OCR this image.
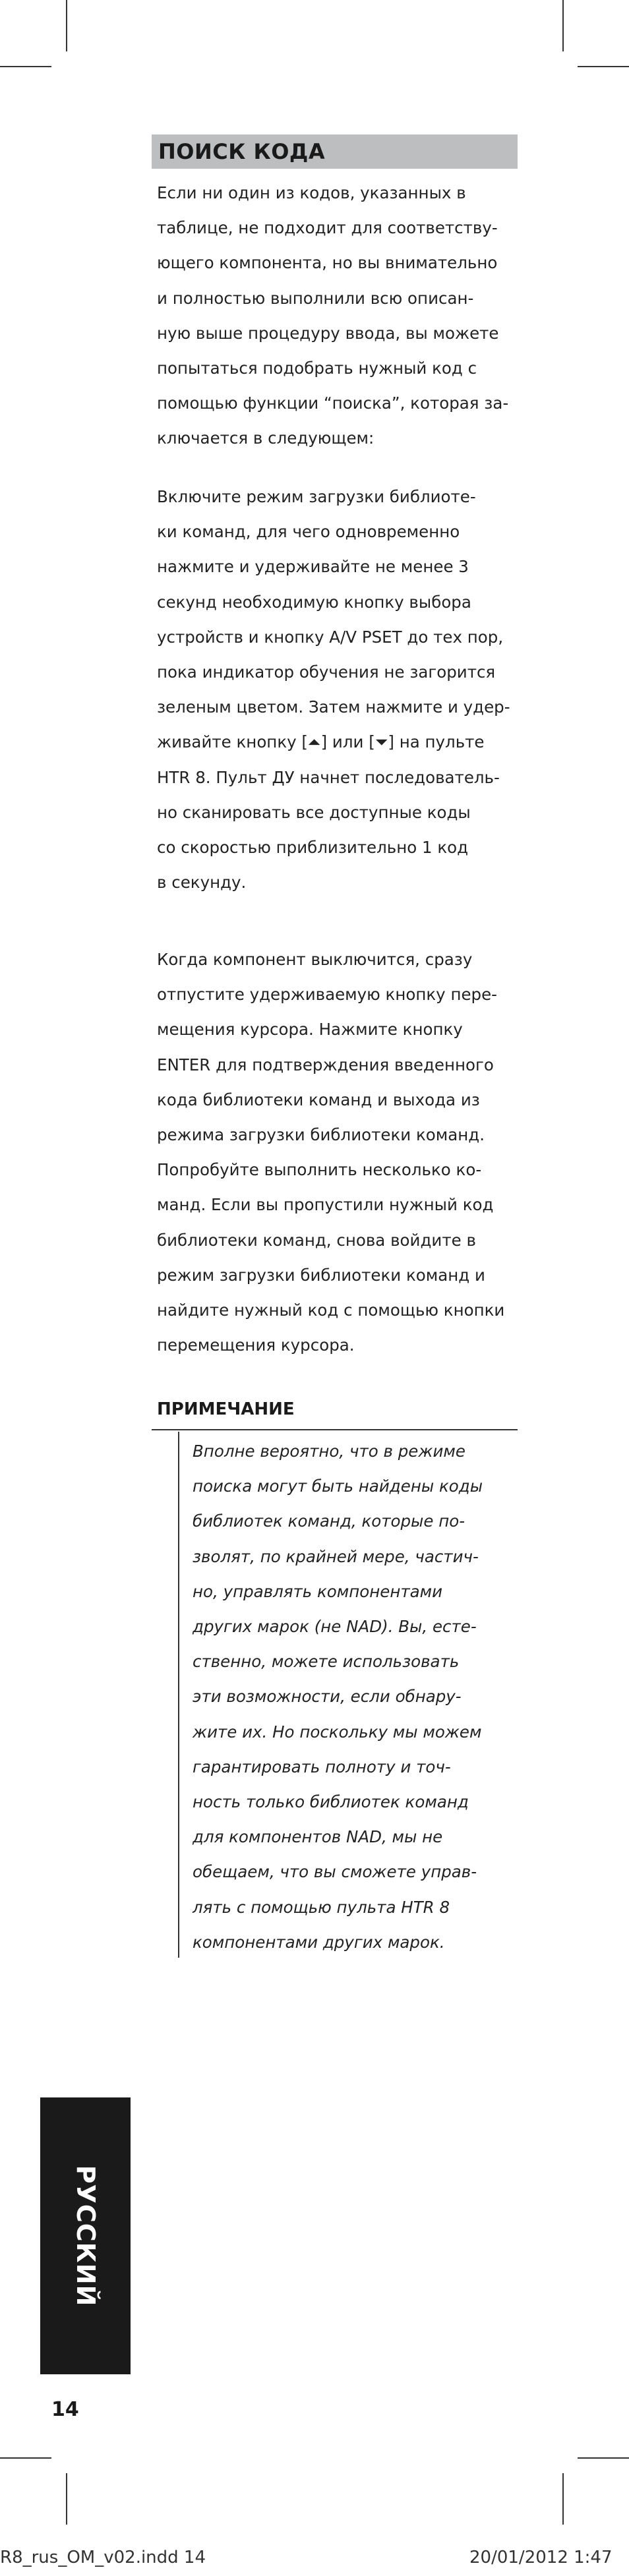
ПОИСК КОДА

Если ни один из кодов, указанных в
таблице, не подходит для соответству-
ющего компонента, но вы внимательно
и полностью выполнили всю описан-
ную выше процедуру ввода, вы можете
попытаться подобрать нужный код с
помощью функции “поиска”, которая за-
ключается в следующем:

Включите режим загрузки библиоте-
ки команд, для чего одновременно
нажмите и удерживайте не менее 3
секунд необходимую кнопку выбора
устройств и кнопку A/V PSET до тех пор,
пока индикатор обучения не загорится
зеленым цветом. Затем нажмите и удер-
живайте кнопку [⏶] или [⏷] на пульте
HTR 8. Пульт ДУ начнет последователь-
но сканировать все доступные коды
со скоростью приблизительно 1 код
в секунду.

Когда компонент выключится, сразу
отпустите удерживаемую кнопку пере-
мещения курсора. Нажмите кнопку
ENTER для подтверждения введенного
кода библиотеки команд и выхода из
режима загрузки библиотеки команд.
Попробуйте выполнить несколько ко-
манд. Если вы пропустили нужный код
библиотеки команд, снова войдите в
режим загрузки библиотеки команд и
найдите нужный код с помощью кнопки
перемещения курсора.

ПРИМЕЧАНИЕ

Вполне вероятно, что в режиме
поиска могут быть найдены коды
библиотек команд, которые по-
зволят, по крайней мере, частич-
но, управлять компонентами
других марок (не NAD). Вы, есте-
ственно, можете использовать
эти возможности, если обнару-
жите их. Но поскольку мы можем
гарантировать полноту и точ-
ность только библиотек команд
для компонентов NAD, мы не
обещаем, что вы сможете управ-
лять с помощью пульта HTR 8
компонентами других марок.

РУССКИЙ
14
R8_rus_OM_v02.indd 14	20/01/2012 1:47
